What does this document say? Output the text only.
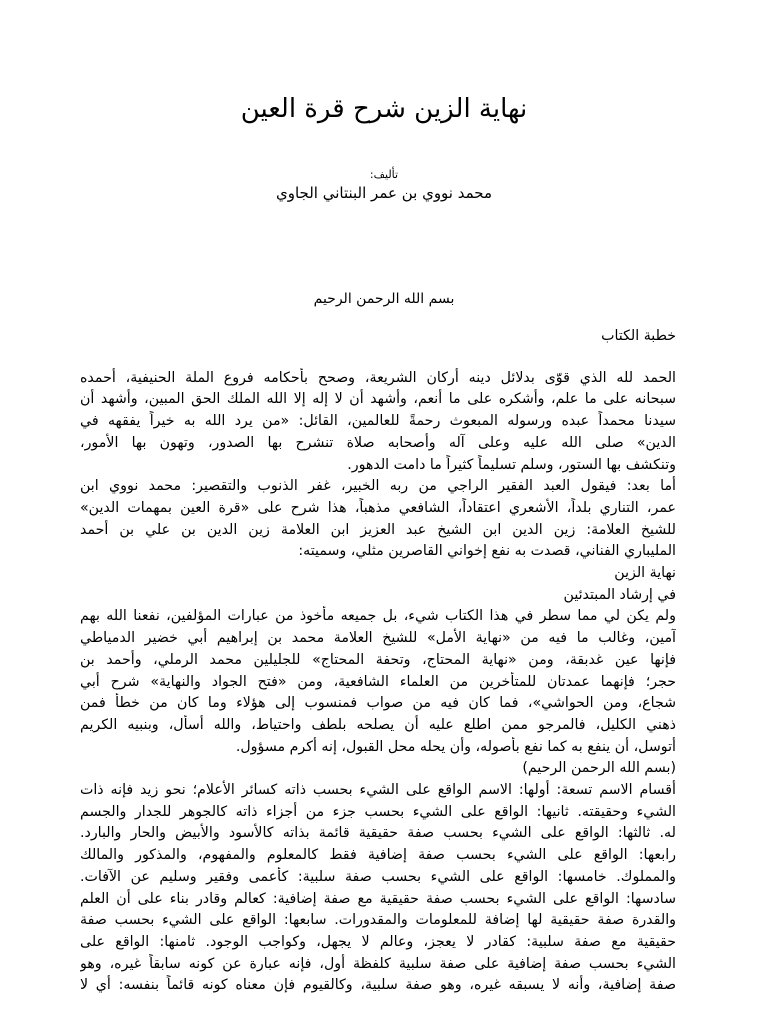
نهاية الزين شرح قرة العين
تأليف:
محمد نووي بن عمر البنتاني الجاوي
بسم الله الرحمن الرحيم
خطبة الكتاب
الحمد لله الذي قوّى بدلائل دينه أركان الشريعة، وصحح بأحكامه فروع الملة الحنيفية، أحمده
سبحانه على ما علم، وأشكره على ما أنعم، وأشهد أن لا إله إلا الله الملك الحق المبين، وأشهد أن
سيدنا محمداً عبده ورسوله المبعوث رحمةً للعالمين، القائل: «من يرد الله به خيراً يفقهه في
الدين» صلى الله عليه وعلى آله وأصحابه صلاة تنشرح بها الصدور، وتهون بها الأمور،
وتنكشف بها الستور، وسلم تسليماً كثيراً ما دامت الدهور.
أما بعد: فيقول العبد الفقير الراجي من ربه الخبير، غفر الذنوب والتقصير: محمد نووي ابن
عمر، التناري بلداً، الأشعري اعتقاداً، الشافعي مذهباً، هذا شرح على «قرة العين بمهمات الدين»
للشيخ العلامة: زين الدين ابن الشيخ عبد العزيز ابن العلامة زين الدين بن علي بن أحمد
المليباري الفناني، قصدت به نفع إخواني القاصرين مثلي، وسميته:
نهاية الزين
في إرشاد المبتدئين
ولم يكن لي مما سطر في هذا الكتاب شيء، بل جميعه مأخوذ من عبارات المؤلفين، نفعنا الله بهم
آمين، وغالب ما فيه من «نهاية الأمل» للشيخ العلامة محمد بن إبراهيم أبي خضير الدمياطي
فإنها عين غدبقة، ومن «نهاية المحتاج، وتحفة المحتاج» للجليلين محمد الرملي، وأحمد بن
حجر؛ فإنهما عمدتان للمتأخرين من العلماء الشافعية، ومن «فتح الجواد والنهاية» شرح أبي
شجاع، ومن الحواشي»، فما كان فيه من صواب فمنسوب إلى هؤلاء وما كان من خطأ فمن
ذهني الكليل، فالمرجو ممن اطلع عليه أن يصلحه بلطف واحتياط، والله أسأل، وبنبيه الكريم
أتوسل، أن ينفع به كما نفع بأصوله، وأن يحله محل القبول، إنه أكرم مسؤول.
(بسم الله الرحمن الرحيم)
أقسام الاسم تسعة: أولها: الاسم الواقع على الشيء بحسب ذاته كسائر الأعلام؛ نحو زيد فإنه ذات
الشيء وحقيقته. ثانيها: الواقع على الشيء بحسب جزء من أجزاء ذاته كالجوهر للجدار والجسم
له. ثالثها: الواقع على الشيء بحسب صفة حقيقية قائمة بذاته كالأسود والأبيض والحار والبارد.
رابعها: الواقع على الشيء بحسب صفة إضافية فقط كالمعلوم والمفهوم، والمذكور والمالك
والمملوك. خامسها: الواقع على الشيء بحسب صفة سلبية: كأعمى وفقير وسليم عن الآفات.
سادسها: الواقع على الشيء بحسب صفة حقيقية مع صفة إضافية: كعالم وقادر بناء على أن العلم
والقدرة صفة حقيقية لها إضافة للمعلومات والمقدورات. سابعها: الواقع على الشيء بحسب صفة
حقيقية مع صفة سلبية: كقادر لا يعجز، وعالم لا يجهل، وكواجب الوجود. ثامنها: الواقع على
الشيء بحسب صفة إضافية على صفة سلبية كلفظة أول، فإنه عبارة عن كونه سابقاً غيره، وهو
صفة إضافية، وأنه لا يسبقه غيره، وهو صفة سلبية، وكالقيوم فإن معناه كونه قائماً بنفسه: أي لا
